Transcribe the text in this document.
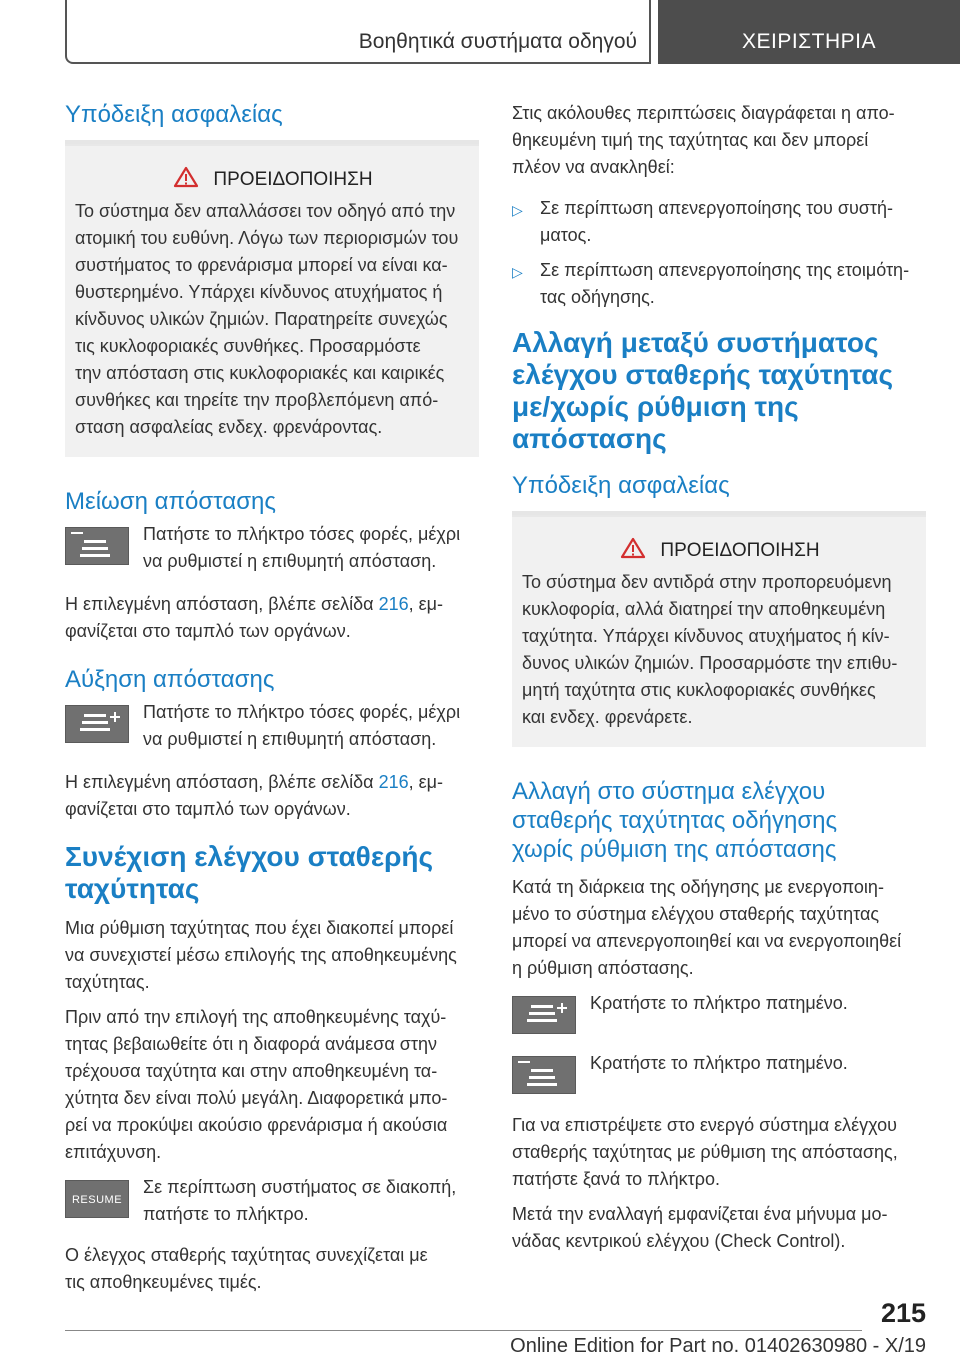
Βοηθητικά συστήματα οδηγού	ΧΕΙΡΙΣΤΗΡΙΑ
Υπόδειξη ασφαλείας
ΠΡΟΕΙΔΟΠΟΙΗΣΗ
Το σύστημα δεν απαλλάσσει τον οδηγό από την
ατομική του ευθύνη. Λόγω των περιορισμών του
συστήματος το φρενάρισμα μπορεί να είναι κα-
θυστερημένο. Υπάρχει κίνδυνος ατυχήματος ή
κίνδυνος υλικών ζημιών. Παρατηρείτε συνεχώς
τις κυκλοφοριακές συνθήκες. Προσαρμόστε
την απόσταση στις κυκλοφοριακές και καιρικές
συνθήκες και τηρείτε την προβλεπόμενη από-
σταση ασφαλείας ενδεχ. φρενάροντας.
Μείωση απόστασης
Πατήστε το πλήκτρο τόσες φορές, μέχρι
να ρυθμιστεί η επιθυμητή απόσταση.

Η επιλεγμένη απόσταση, βλέπε σελίδα 216, εμ-
φανίζεται στο ταμπλό των οργάνων.

Αύξηση απόστασης
Πατήστε το πλήκτρο τόσες φορές, μέχρι
να ρυθμιστεί η επιθυμητή απόσταση.

Η επιλεγμένη απόσταση, βλέπε σελίδα 216, εμ-
φανίζεται στο ταμπλό των οργάνων.

Συνέχιση ελέγχου σταθερής
ταχύτητας

Μια ρύθμιση ταχύτητας που έχει διακοπεί μπορεί
να συνεχιστεί μέσω επιλογής της αποθηκευμένης
ταχύτητας.

Πριν από την επιλογή της αποθηκευμένης ταχύ-
τητας βεβαιωθείτε ότι η διαφορά ανάμεσα στην
τρέχουσα ταχύτητα και στην αποθηκευμένη τα-
χύτητα δεν είναι πολύ μεγάλη. Διαφορετικά μπο-
ρεί να προκύψει ακούσιο φρενάρισμα ή ακούσια
επιτάχυνση.

RESUME
Σε περίπτωση συστήματος σε διακοπή,
πατήστε το πλήκτρο.

Ο έλεγχος σταθερής ταχύτητας συνεχίζεται με
τις αποθηκευμένες τιμές.

Στις ακόλουθες περιπτώσεις διαγράφεται η απο-
θηκευμένη τιμή της ταχύτητας και δεν μπορεί
πλέον να ανακληθεί:

▷ Σε περίπτωση απενεργοποίησης του συστή-
ματος.
▷ Σε περίπτωση απενεργοποίησης της ετοιμότη-
τας οδήγησης.
Αλλαγή μεταξύ συστήματος
ελέγχου σταθερής ταχύτητας
με/χωρίς ρύθμιση της
απόστασης
Υπόδειξη ασφαλείας
ΠΡΟΕΙΔΟΠΟΙΗΣΗ
Το σύστημα δεν αντιδρά στην προπορευόμενη
κυκλοφορία, αλλά διατηρεί την αποθηκευμένη
ταχύτητα. Υπάρχει κίνδυνος ατυχήματος ή κίν-
δυνος υλικών ζημιών. Προσαρμόστε την επιθυ-
μητή ταχύτητα στις κυκλοφοριακές συνθήκες
και ενδεχ. φρενάρετε.
Αλλαγή στο σύστημα ελέγχου
σταθερής ταχύτητας οδήγησης
χωρίς ρύθμιση της απόστασης

Κατά τη διάρκεια της οδήγησης με ενεργοποιη-
μένο το σύστημα ελέγχου σταθερής ταχύτητας
μπορεί να απενεργοποιηθεί και να ενεργοποιηθεί
η ρύθμιση απόστασης.

Κρατήστε το πλήκτρο πατημένο.
Κρατήστε το πλήκτρο πατημένο.

Για να επιστρέψετε στο ενεργό σύστημα ελέγχου
σταθερής ταχύτητας με ρύθμιση της απόστασης,
πατήστε ξανά το πλήκτρο.

Μετά την εναλλαγή εμφανίζεται ένα μήνυμα μο-
νάδας κεντρικού ελέγχου (Check Control).

215
Online Edition for Part no. 01402630980 - X/19
